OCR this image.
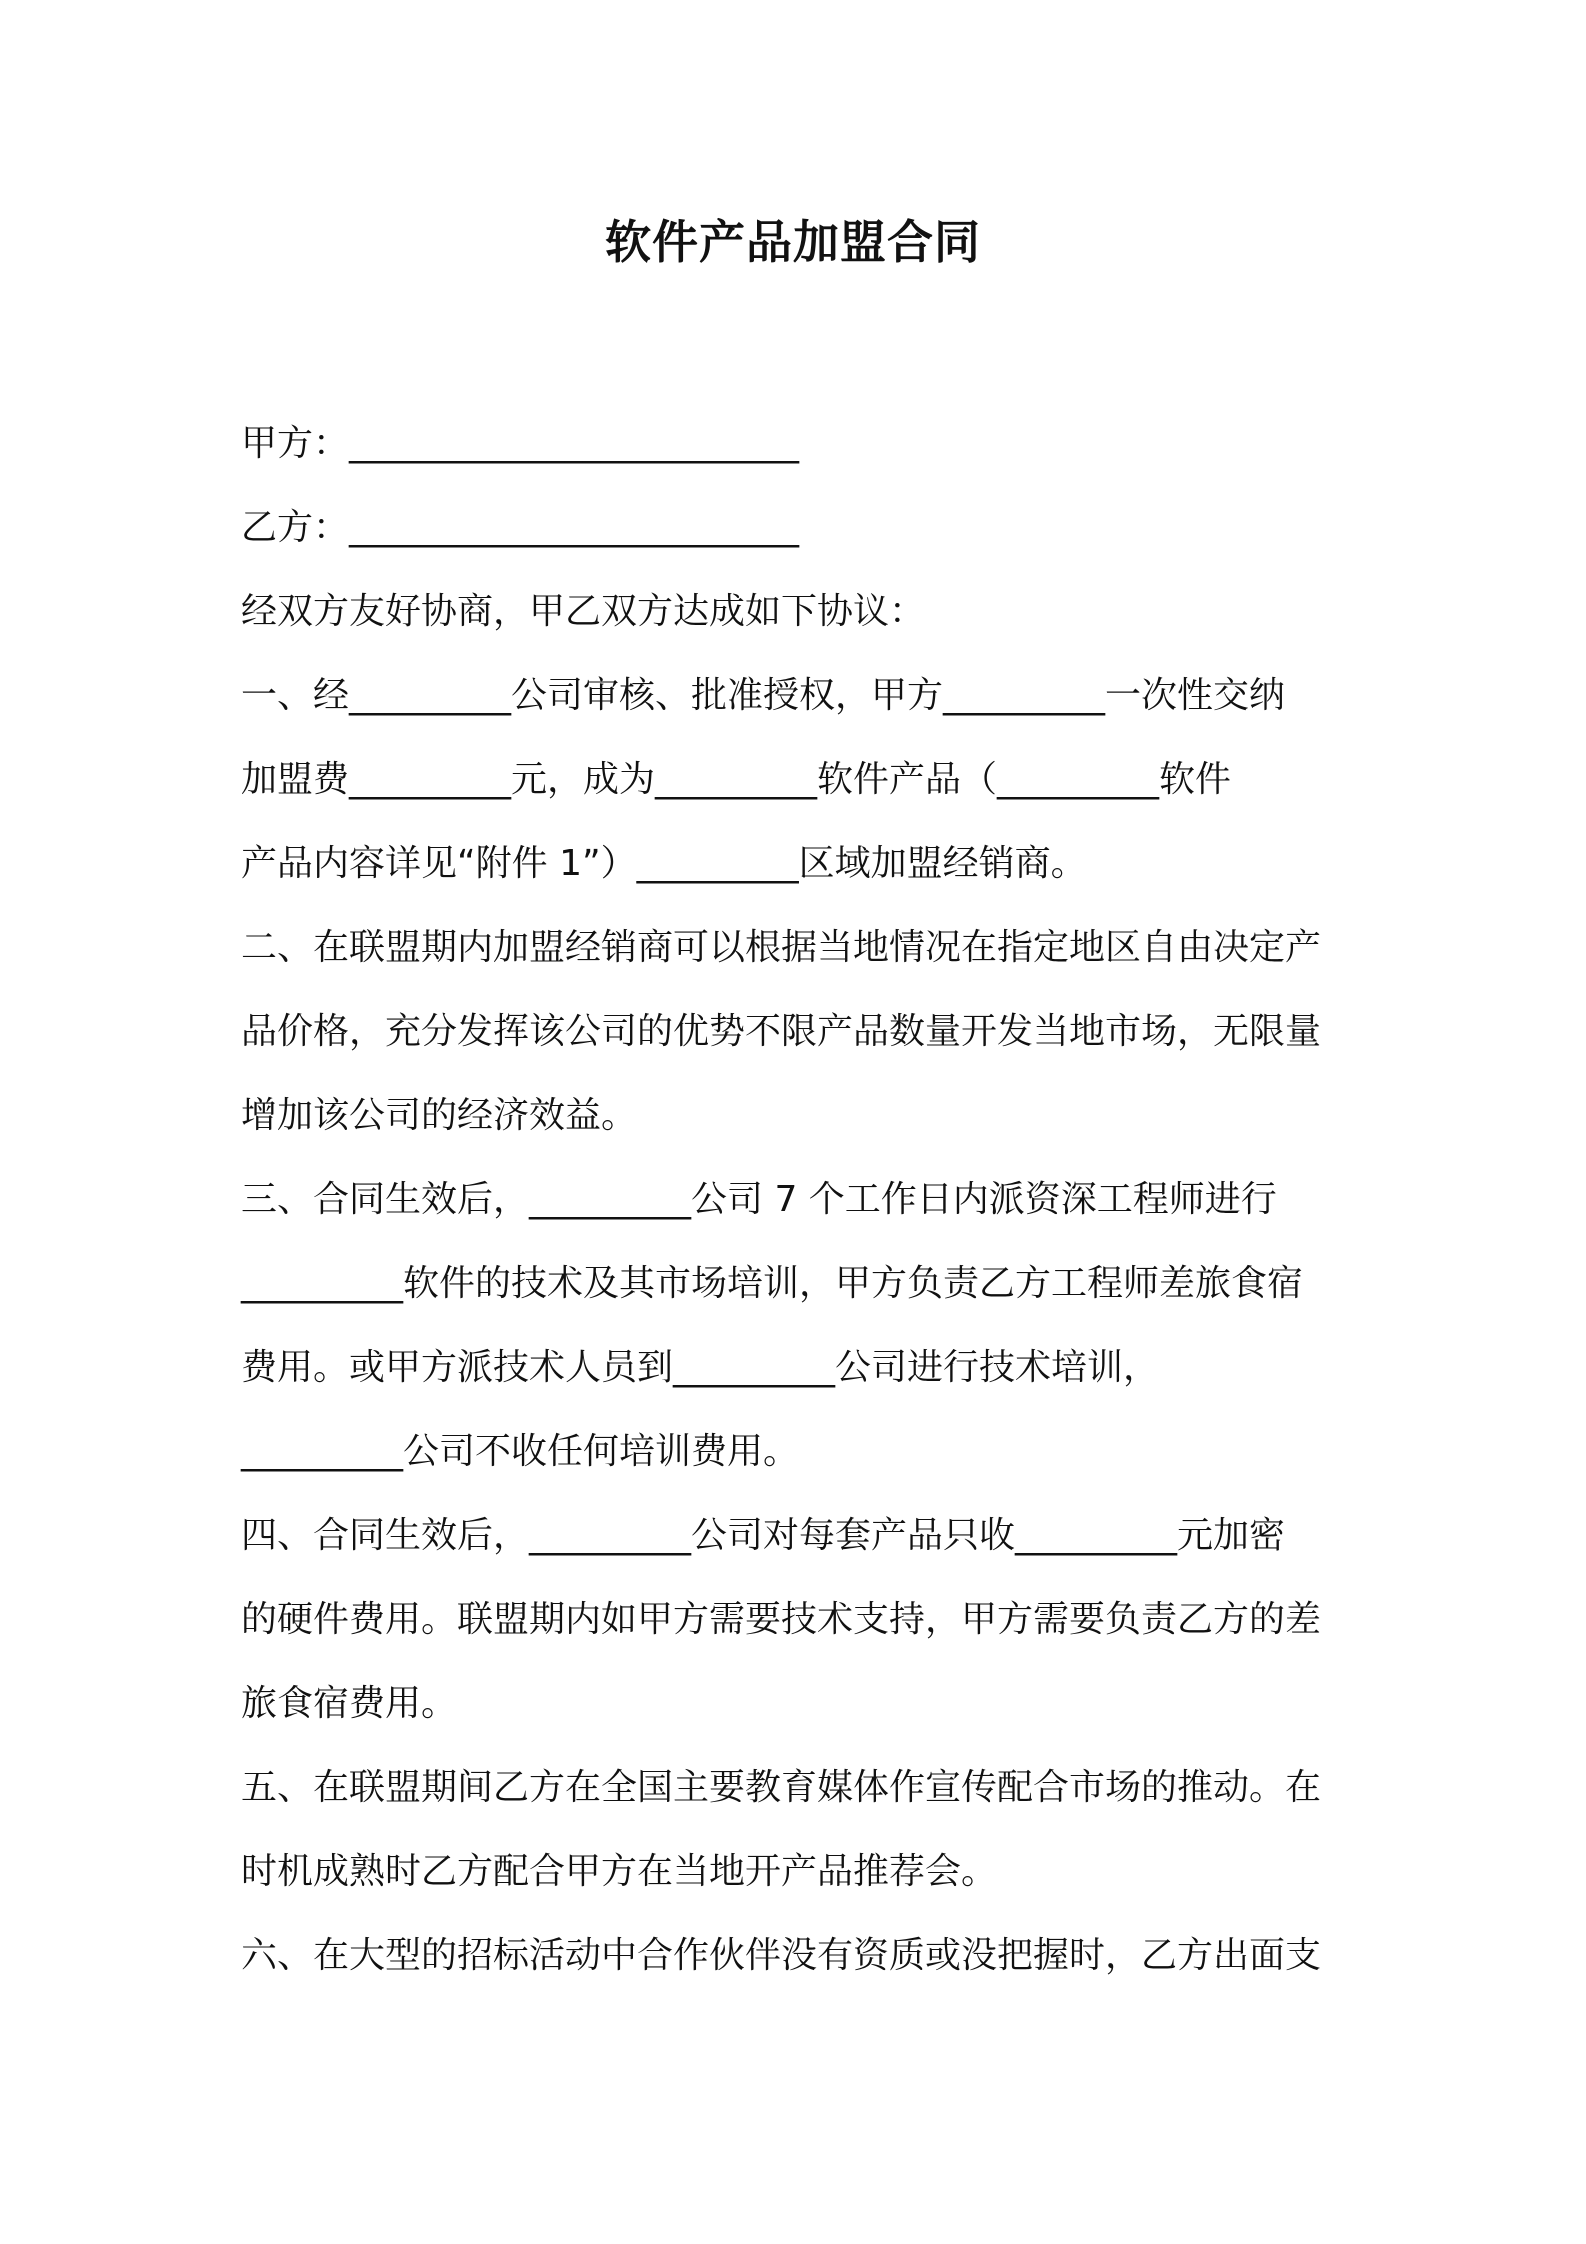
软件产品加盟合同
甲方：_________________________
乙方：_________________________
经双方友好协商，甲乙双方达成如下协议：
一、经_________公司审核、批准授权，甲方_________一次性交纳
加盟费_________元，成为_________软件产品（_________软件
产品内容详见“附件 1”）_________区域加盟经销商。
二、在联盟期内加盟经销商可以根据当地情况在指定地区自由决定产
品价格，充分发挥该公司的优势不限产品数量开发当地市场，无限量
增加该公司的经济效益。
三、合同生效后，_________公司 7 个工作日内派资深工程师进行
_________软件的技术及其市场培训，甲方负责乙方工程师差旅食宿
费用。或甲方派技术人员到_________公司进行技术培训，
_________公司不收任何培训费用。
四、合同生效后，_________公司对每套产品只收_________元加密
的硬件费用。联盟期内如甲方需要技术支持，甲方需要负责乙方的差
旅食宿费用。
五、在联盟期间乙方在全国主要教育媒体作宣传配合市场的推动。在
时机成熟时乙方配合甲方在当地开产品推荐会。
六、在大型的招标活动中合作伙伴没有资质或没把握时，乙方出面支
